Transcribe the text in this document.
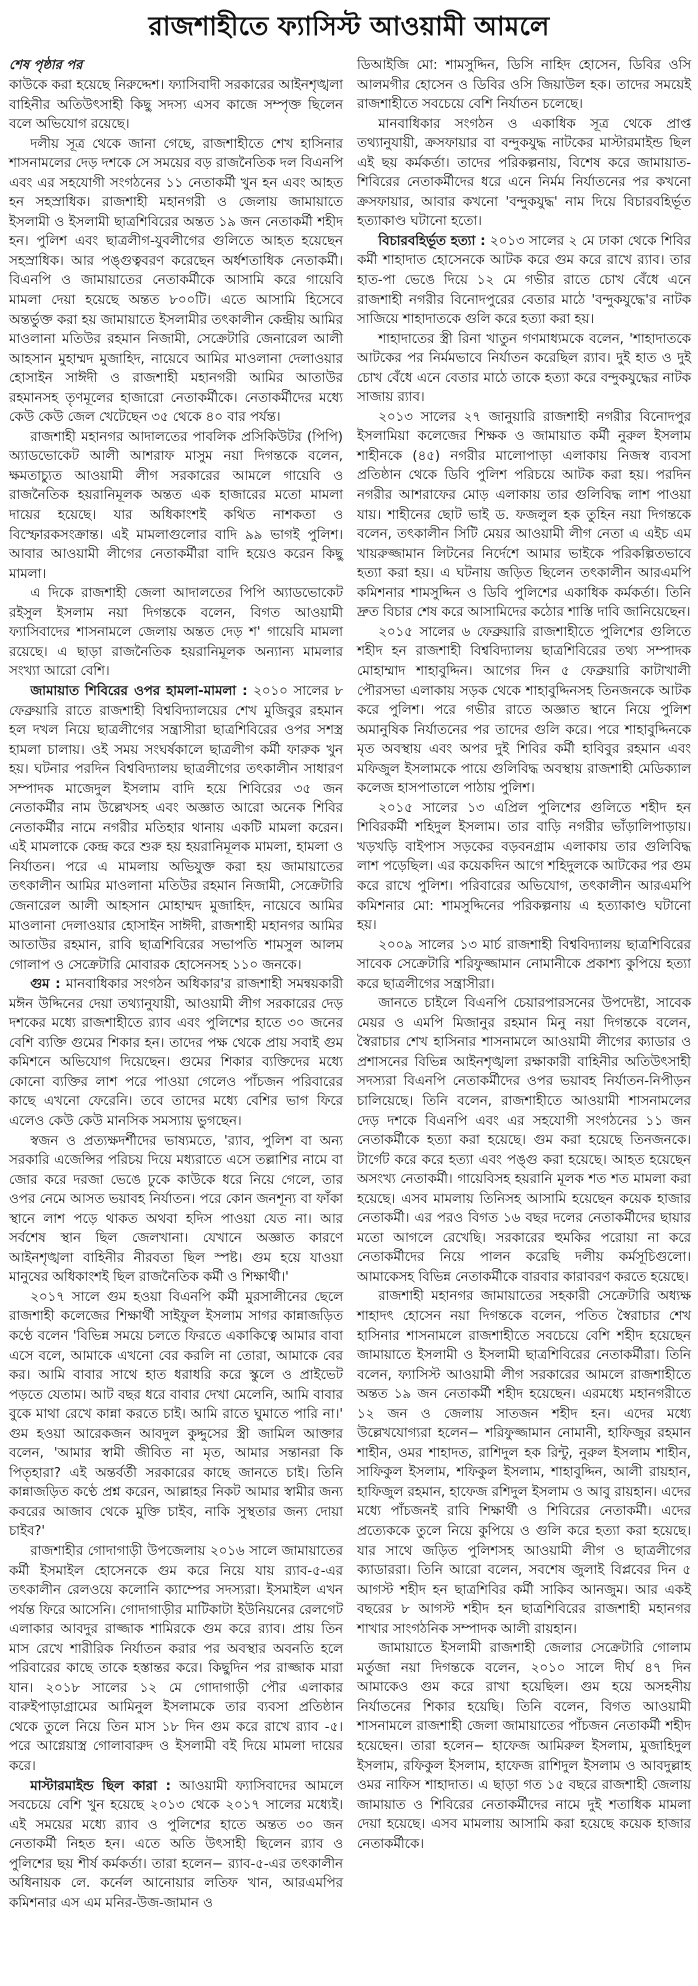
রাজশাহীতে ফ্যাসিস্ট আওয়ামী আমলে

শেষ পৃষ্ঠার পর

কাউকে করা হয়েছে নিরুদ্দেশ। ফ্যাসিবাদী সরকারের আইনশৃঙ্খলা বাহিনীর অতিউৎসাহী কিছু সদস্য এসব কাজে সম্পৃক্ত ছিলেন বলে অভিযোগ রয়েছে।

দলীয় সূত্র থেকে জানা গেছে, রাজশাহীতে শেখ হাসিনার শাসনামলের দেড় দশকে সে সময়ের বড় রাজনৈতিক দল বিএনপি এবং এর সহযোগী সংগঠনের ১১ নেতাকর্মী খুন হন এবং আহত হন সহস্রাধিক। রাজশাহী মহানগরী ও জেলায় জামায়াতে ইসলামী ও ইসলামী ছাত্রশিবিরের অন্তত ১৯ জন নেতাকর্মী শহীদ হন। পুলিশ এবং ছাত্রলীগ-যুবলীগের গুলিতে আহত হয়েছেন সহস্রাধিক। আর পঙ্গুত্ববরণ করেছেন অর্ধশতাধিক নেতাকর্মী। বিএনপি ও জামায়াতের নেতাকর্মীকে আসামি করে গায়েবি মামলা দেয়া হয়েছে অন্তত ৮০০টি। এতে আসামি হিসেবে অন্তর্ভুক্ত করা হয় জামায়াতে ইসলামীর তৎকালীন কেন্দ্রীয় আমির মাওলানা মতিউর রহমান নিজামী, সেক্রেটারি জেনারেল আলী আহসান মুহাম্মদ মুজাহিদ, নায়েবে আমির মাওলানা দেলাওয়ার হোসাইন সাঈদী ও রাজশাহী মহানগরী আমির আতাউর রহমানসহ তৃণমূলের হাজারো নেতাকর্মীকে। নেতাকর্মীদের মধ্যে কেউ কেউ জেল খেটেছেন ৩৫ থেকে ৪০ বার পর্যন্ত।

রাজশাহী মহানগর আদালতের পাবলিক প্রসিকিউটর (পিপি) অ্যাডভোকেট আলী আশরাফ মাসুম নয়া দিগন্তকে বলেন, ক্ষমতাচ্যুত আওয়ামী লীগ সরকারের আমলে গায়েবি ও রাজনৈতিক হয়রানিমূলক অন্তত এক হাজারের মতো মামলা দায়ের হয়েছে। যার অধিকাংশই কথিত নাশকতা ও বিস্ফোরকসংক্রান্ত। এই মামলাগুলোর বাদি ৯৯ ভাগই পুলিশ। আবার আওয়ামী লীগের নেতাকর্মীরা বাদি হয়েও করেন কিছু মামলা।

এ দিকে রাজশাহী জেলা আদালতের পিপি অ্যাডভোকেট রইসুল ইসলাম নয়া দিগন্তকে বলেন, বিগত আওয়ামী ফ্যাসিবাদের শাসনামলে জেলায় অন্তত দেড় শ' গায়েবি মামলা রয়েছে। এ ছাড়া রাজনৈতিক হয়রানিমূলক অন্যান্য মামলার সংখ্যা আরো বেশি।

জামায়াত শিবিরের ওপর হামলা-মামলা : ২০১০ সালের ৮ ফেব্রুয়ারি রাতে রাজশাহী বিশ্ববিদ্যালয়ের শেখ মুজিবুর রহমান হল দখল নিয়ে ছাত্রলীগের সন্ত্রাসীরা ছাত্রশিবিরের ওপর সশস্ত্র হামলা চালায়। ওই সময় সংঘর্ষকালে ছাত্রলীগ কর্মী ফারুক খুন হয়। ঘটনার পরদিন বিশ্ববিদ্যালয় ছাত্রলীগের তৎকালীন সাধারণ সম্পাদক মাজেদুল ইসলাম বাদি হয়ে শিবিরের ৩৫ জন নেতাকর্মীর নাম উল্লেখসহ এবং অজ্ঞাত আরো অনেক শিবির নেতাকর্মীর নামে নগরীর মতিহার থানায় একটি মামলা করেন। এই মামলাকে কেন্দ্র করে শুরু হয় হয়রানিমূলক মামলা, হামলা ও নির্যাতন। পরে এ মামলায় অভিযুক্ত করা হয় জামায়াতের তৎকালীন আমির মাওলানা মতিউর রহমান নিজামী, সেক্রেটারি জেনারেল আলী আহসান মোহাম্মদ মুজাহিদ, নায়েবে আমির মাওলানা দেলাওয়ার হোসাইন সাঈদী, রাজশাহী মহানগর আমির আতাউর রহমান, রাবি ছাত্রশিবিরের সভাপতি শামসুল আলম গোলাপ ও সেক্রেটারি মোবারক হোসেনসহ ১১০ জনকে।

গুম : মানবাধিকার সংগঠন অধিকার'র রাজশাহী সমন্বয়কারী মঈন উদ্দিনের দেয়া তথ্যানুযায়ী, আওয়ামী লীগ সরকারের দেড় দশকের মধ্যে রাজশাহীতে র‌্যাব এবং পুলিশের হাতে ৩০ জনের বেশি ব্যক্তি গুমের শিকার হন। তাদের পক্ষ থেকে প্রায় সবাই গুম কমিশনে অভিযোগ দিয়েছেন। গুমের শিকার ব্যক্তিদের মধ্যে কোনো ব্যক্তির লাশ পরে পাওয়া গেলেও পাঁচজন পরিবারের কাছে এখনো ফেরেনি। তবে তাদের মধ্যে বেশির ভাগ ফিরে এলেও কেউ কেউ মানসিক সমস্যায় ভুগছেন।

স্বজন ও প্রত্যক্ষদর্শীদের ভাষ্যমতে, 'র‌্যাব, পুলিশ বা অন্য সরকারি এজেন্সির পরিচয় দিয়ে মধ্যরাতে এসে তল্লাশির নামে বা জোর করে দরজা ভেঙে ঢুকে কাউকে ধরে নিয়ে গেলে, তার ওপর নেমে আসত ভয়াবহ নির্যাতন। পরে কোন জনশূন্য বা ফাঁকা স্থানে লাশ পড়ে থাকত অথবা হদিস পাওয়া যেত না। আর সর্বশেষ স্থান ছিল জেলখানা। যেখানে অজ্ঞাত কারণে আইনশৃঙ্খলা বাহিনীর নীরবতা ছিল স্পষ্ট। গুম হয়ে যাওয়া মানুষের অধিকাংশই ছিল রাজনৈতিক কর্মী ও শিক্ষার্থী।'

২০১৭ সালে গুম হওয়া বিএনপি কর্মী মুরসালীনের ছেলে রাজশাহী কলেজের শিক্ষার্থী সাইফুল ইসলাম সাগর কান্নাজড়িত কণ্ঠে বলেন 'বিভিন্ন সময়ে চলতে ফিরতে একাকিত্বে আমার বাবা এসে বলে, আমাকে এখনো বের করলি না তোরা, আমাকে বের কর। আমি বাবার সাথে হাত ধরাধরি করে স্কুলে ও প্রাইভেট পড়তে যেতাম। আট বছর ধরে বাবার দেখা মেলেনি, আমি বাবার বুকে মাথা রেখে কান্না করতে চাই। আমি রাতে ঘুমাতে পারি না।' গুম হওয়া আরেকজন আবদুল কুদ্দুসের স্ত্রী জামিল আক্তার বলেন, 'আমার স্বামী জীবিত না মৃত, আমার সন্তানরা কি পিতৃহারা? এই অন্তর্বর্তী সরকারের কাছে জানতে চাই। তিনি কান্নাজড়িত কণ্ঠে প্রশ্ন করেন, আল্লাহর নিকট আমার স্বামীর জন্য কবরের আজাব থেকে মুক্তি চাইব, নাকি সুস্থতার জন্য দোয়া চাইব?'

রাজশাহীর গোদাগাড়ী উপজেলায় ২০১৬ সালে জামায়াতের কর্মী ইসমাইল হোসেনকে গুম করে নিয়ে যায় র‌্যাব-৫-এর তৎকালীন রেলওয়ে কলোনি ক্যাম্পের সদস্যরা। ইসমাইল এখন পর্যন্ত ফিরে আসেনি। গোদাগাড়ীর মাটিকাটা ইউনিয়নের রেলগেট এলাকার আবদুর রাজ্জাক শামিরকে গুম করে র‌্যাব। প্রায় তিন মাস রেখে শারীরিক নির্যাতন করার পর অবস্থার অবনতি হলে পরিবারের কাছে তাকে হস্তান্তর করে। কিছুদিন পর রাজ্জাক মারা যান। ২০১৮ সালের ১২ মে গোদাগাড়ী পৌর এলাকার বারুইপাড়াগ্রামের আমিনুল ইসলামকে তার ব্যবসা প্রতিষ্ঠান থেকে তুলে নিয়ে তিন মাস ১৮ দিন গুম করে রাখে র‌্যাব -৫। পরে আগ্নেয়াস্ত্র গোলাবারুদ ও ইসলামী বই দিয়ে মামলা দায়ের করে।

মাস্টারমাইন্ড ছিল কারা : আওয়ামী ফ্যাসিবাদের আমলে সবচেয়ে বেশি খুন হয়েছে ২০১৩ থেকে ২০১৭ সালের মধ্যেই। এই সময়ের মধ্যে র‌্যাব ও পুলিশের হাতে অন্তত ৩০ জন নেতাকর্মী নিহত হন। এতে অতি উৎসাহী ছিলেন র‌্যাব ও পুলিশের ছয় শীর্ষ কর্মকর্তা। তারা হলেন− র‌্যাব-৫-এর তৎকালীন অধিনায়ক লে. কর্নেল আনোয়ার লতিফ খান, আরএমপির কমিশনার এস এম মনির-উজ-জামান ও

ডিআইজি মো: শামসুদ্দিন, ডিসি নাহিদ হোসেন, ডিবির ওসি আলমগীর হোসেন ও ডিবির ওসি জিয়াউল হক। তাদের সময়েই রাজশাহীতে সবচেয়ে বেশি নির্যাতন চলেছে।

মানবাধিকার সংগঠন ও একাধিক সূত্র থেকে প্রাপ্ত তথ্যানুযায়ী, ক্রসফায়ার বা বন্দুকযুদ্ধ নাটকের মাস্টারমাইন্ড ছিল এই ছয় কর্মকর্তা। তাদের পরিকল্পনায়, বিশেষ করে জামায়াত-শিবিরের নেতাকর্মীদের ধরে এনে নির্মম নির্যাতনের পর কখনো ক্রসফায়ার, আবার কখনো 'বন্দুকযুদ্ধ' নাম দিয়ে বিচারবহির্ভূত হত্যাকাণ্ড ঘটানো হতো।

বিচারবহির্ভূত হত্যা : ২০১৩ সালের ২ মে ঢাকা থেকে শিবির কর্মী শাহাদাত হোসেনকে আটক করে গুম করে রাখে র‌্যাব। তার হাত-পা ভেঙে দিয়ে ১২ মে গভীর রাতে চোখ বেঁধে এনে রাজশাহী নগরীর বিনোদপুরের বেতার মাঠে 'বন্দুকযুদ্ধে'র নাটক সাজিয়ে শাহাদাতকে গুলি করে হত্যা করা হয়।

শাহাদাতের স্ত্রী রিনা খাতুন গণমাধ্যমকে বলেন, 'শাহাদাতকে আটকের পর নির্মমভাবে নির্যাতন করেছিল র‌্যাব। দুই হাত ও দুই চোখ বেঁধে এনে বেতার মাঠে তাকে হত্যা করে বন্দুকযুদ্ধের নাটক সাজায় র‌্যাব।

২০১৩ সালের ২৭ জানুয়ারি রাজশাহী নগরীর বিনোদপুর ইসলামিয়া কলেজের শিক্ষক ও জামায়াত কর্মী নুরুল ইসলাম শাহীনকে (৪৫) নগরীর মালোপাড়া এলাকায় নিজস্ব ব্যবসা প্রতিষ্ঠান থেকে ডিবি পুলিশ পরিচয়ে আটক করা হয়। পরদিন নগরীর আশরাফের মোড় এলাকায় তার গুলিবিদ্ধ লাশ পাওয়া যায়। শাহীনের ছোট ভাই ড. ফজলুল হক তুহিন নয়া দিগন্তকে বলেন, তৎকালীন সিটি মেয়র আওয়ামী লীগ নেতা এ এইচ এম খায়রুজ্জামান লিটনের নির্দেশে আমার ভাইকে পরিকল্পিতভাবে হত্যা করা হয়। এ ঘটনায় জড়িত ছিলেন তৎকালীন আরএমপি কমিশনার শামসুদ্দিন ও ডিবি পুলিশের একাধিক কর্মকর্তা। তিনি দ্রুত বিচার শেষ করে আসামিদের কঠোর শাস্তি দাবি জানিয়েছেন।

২০১৫ সালের ৬ ফেব্রুয়ারি রাজশাহীতে পুলিশের গুলিতে শহীদ হন রাজশাহী বিশ্ববিদ্যালয় ছাত্রশিবিরের তথ্য সম্পাদক মোহাম্মাদ শাহাবুদ্দিন। আগের দিন ৫ ফেব্রুয়ারি কাটাখালী পৌরসভা এলাকায় সড়ক থেকে শাহাবুদ্দিনসহ তিনজনকে আটক করে পুলিশ। পরে গভীর রাতে অজ্ঞাত স্থানে নিয়ে পুলিশ অমানুষিক নির্যাতনের পর তাদের গুলি করে। পরে শাহাবুদ্দিনকে মৃত অবস্থায় এবং অপর দুই শিবির কর্মী হাবিবুর রহমান এবং মফিজুল ইসলামকে পায়ে গুলিবিদ্ধ অবস্থায় রাজশাহী মেডিক্যাল কলেজ হাসপাতালে পাঠায় পুলিশ।

২০১৫ সালের ১৩ এপ্রিল পুলিশের গুলিতে শহীদ হন শিবিরকর্মী শহিদুল ইসলাম। তার বাড়ি নগরীর ভাঁড়ালিপাড়ায়। খড়খড়ি বাইপাস সড়কের বড়বনগ্রাম এলাকায় তার গুলিবিদ্ধ লাশ পড়েছিল। এর কয়েকদিন আগে শহিদুলকে আটকের পর গুম করে রাখে পুলিশ। পরিবারের অভিযোগ, তৎকালীন আরএমপি কমিশনার মো: শামসুদ্দিনের পরিকল্পনায় এ হত্যাকাণ্ড ঘটানো হয়।

২০০৯ সালের ১৩ মার্চ রাজশাহী বিশ্ববিদ্যালয় ছাত্রশিবিরের সাবেক সেক্রেটারি শরিফুজ্জামান নোমানীকে প্রকাশ্য কুপিয়ে হত্যা করে ছাত্রলীগের সন্ত্রাসীরা।

জানতে চাইলে বিএনপি চেয়ারপারসনের উপদেষ্টা, সাবেক মেয়র ও এমপি মিজানুর রহমান মিনু নয়া দিগন্তকে বলেন, স্বৈরাচার শেখ হাসিনার শাসনামলে আওয়ামী লীগের ক্যাডার ও প্রশাসনের বিভিন্ন আইনশৃঙ্খলা রক্ষাকারী বাহিনীর অতিউৎসাহী সদস্যরা বিএনপি নেতাকর্মীদের ওপর ভয়াবহ নির্যাতন-নিপীড়ন চালিয়েছে। তিনি বলেন, রাজশাহীতে আওয়ামী শাসনামলের দেড় দশকে বিএনপি এবং এর সহযোগী সংগঠনের ১১ জন নেতাকর্মীকে হত্যা করা হয়েছে। গুম করা হয়েছে তিনজনকে। টার্গেট করে করে হত্যা এবং পঙ্গু করা হয়েছে। আহত হয়েছেন অসংখ্য নেতাকর্মী। গায়েবিসহ হয়রানি মূলক শত শত মামলা করা হয়েছে। এসব মামলায় তিনিসহ আসামি হয়েছেন কয়েক হাজার নেতাকর্মী। এর পরও বিগত ১৬ বছর দলের নেতাকর্মীদের ছায়ার মতো আগলে রেখেছি। সরকারের হুমকির পরোয়া না করে নেতাকর্মীদের নিয়ে পালন করেছি দলীয় কর্মসূচিগুলো। আমাকেসহ বিভিন্ন নেতাকর্মীকে বারবার কারাবরণ করতে হয়েছে।

রাজশাহী মহানগর জামায়াতের সহকারী সেক্রেটারি অধ্যক্ষ শাহাদৎ হোসেন নয়া দিগন্তকে বলেন, পতিত স্বৈরাচার শেখ হাসিনার শাসনামলে রাজশাহীতে সবচেয়ে বেশি শহীদ হয়েছেন জামায়াতে ইসলামী ও ইসলামী ছাত্রশিবিরের নেতাকর্মীরা। তিনি বলেন, ফ্যাসিস্ট আওয়ামী লীগ সরকারের আমলে রাজশাহীতে অন্তত ১৯ জন নেতাকর্মী শহীদ হয়েছেন। এরমধ্যে মহানগরীতে ১২ জন ও জেলায় সাতজন শহীদ হন। এদের মধ্যে উল্লেখযোগ্যরা হলেন− শরিফুজ্জামান নোমানী, হাফিজুর রহমান শাহীন, ওমর শাহাদত, রাশিদুল হক রিন্টু, নুরুল ইসলাম শাহীন, সাফিকুল ইসলাম, শফিকুল ইসলাম, শাহাবুদ্দিন, আলী রায়হান, হাফিজুল রহমান, হাফেজ রশিদুল ইসলাম ও আবু রায়হান। এদের মধ্যে পাঁচজনই রাবি শিক্ষার্থী ও শিবিরের নেতাকর্মী। এদের প্রত্যেককে তুলে নিয়ে কুপিয়ে ও গুলি করে হত্যা করা হয়েছে। যার সাথে জড়িত পুলিশসহ আওয়ামী লীগ ও ছাত্রলীগের ক্যাডাররা। তিনি আরো বলেন, সবশেষ জুলাই বিপ্লবের দিন ৫ আগস্ট শহীদ হন ছাত্রশিবির কর্মী সাকিব আনজুম। আর একই বছরের ৮ আগস্ট শহীদ হন ছাত্রশিবিরের রাজশাহী মহানগর শাখার সাংগঠনিক সম্পাদক আলী রায়হান।

জামায়াতে ইসলামী রাজশাহী জেলার সেক্রেটারি গোলাম মর্তুজা নয়া দিগন্তকে বলেন, ২০১০ সালে দীর্ঘ ৪৭ দিন আমাকেও গুম করে রাখা হয়েছিল। গুম হয়ে অসহনীয় নির্যাতনের শিকার হয়েছি। তিনি বলেন, বিগত আওয়ামী শাসনামলে রাজশাহী জেলা জামায়াতের পাঁচজন নেতাকর্মী শহীদ হয়েছেন। তারা হলেন− হাফেজ আমিরুল ইসলাম, মুজাহিদুল ইসলাম, রফিকুল ইসলাম, হাফেজ রাশিদুল ইসলাম ও আবদুল্লাহ ওমর নাফিস শাহাদাত। এ ছাড়া গত ১৫ বছরে রাজশাহী জেলায় জামায়াত ও শিবিরের নেতাকর্মীদের নামে দুই শতাধিক মামলা দেয়া হয়েছে। এসব মামলায় আসামি করা হয়েছে কয়েক হাজার নেতাকর্মীকে।
